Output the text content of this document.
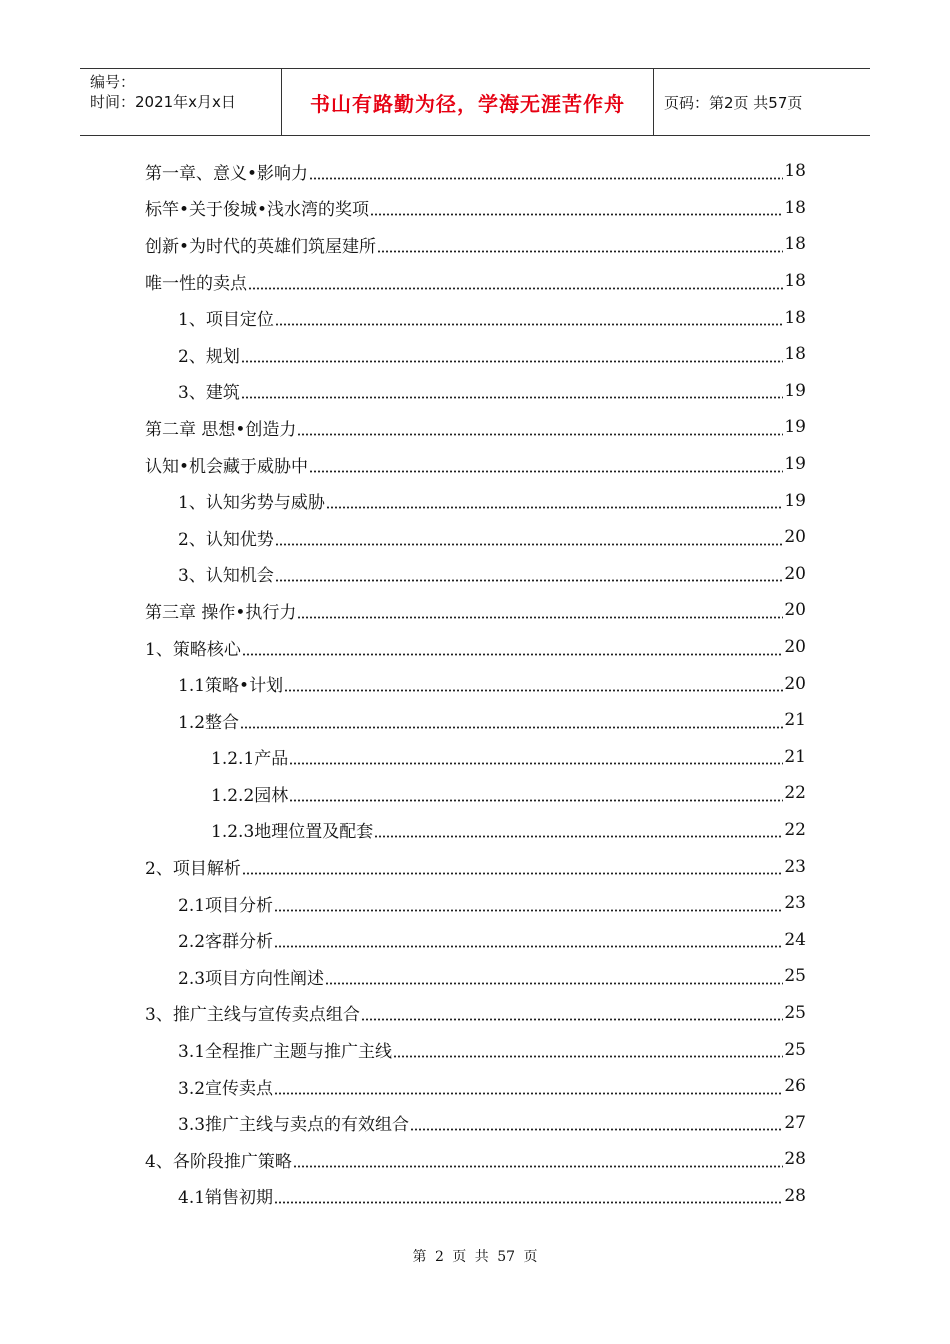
编号：
时间：2021年x月x日	书山有路勤为径，学海无涯苦作舟	页码：第2页 共57页
第一章、意义•影响力	18
标竿•关于俊城•浅水湾的奖项	18
创新•为时代的英雄们筑屋建所	18
唯一性的卖点	18
1、项目定位	18
2、规划	18
3、建筑	19
第二章 思想•创造力	19
认知•机会藏于威胁中	19
1、认知劣势与威胁	19
2、认知优势	20
3、认知机会	20
第三章 操作•执行力	20
1、策略核心	20
1.1策略•计划	20
1.2整合	21
1.2.1产品	21
1.2.2园林	22
1.2.3地理位置及配套	22
2、项目解析	23
2.1项目分析	23
2.2客群分析	24
2.3项目方向性阐述	25
3、推广主线与宣传卖点组合	25
3.1全程推广主题与推广主线	25
3.2宣传卖点	26
3.3推广主线与卖点的有效组合	27
4、各阶段推广策略	28
4.1销售初期	28
第 2 页 共 57 页
